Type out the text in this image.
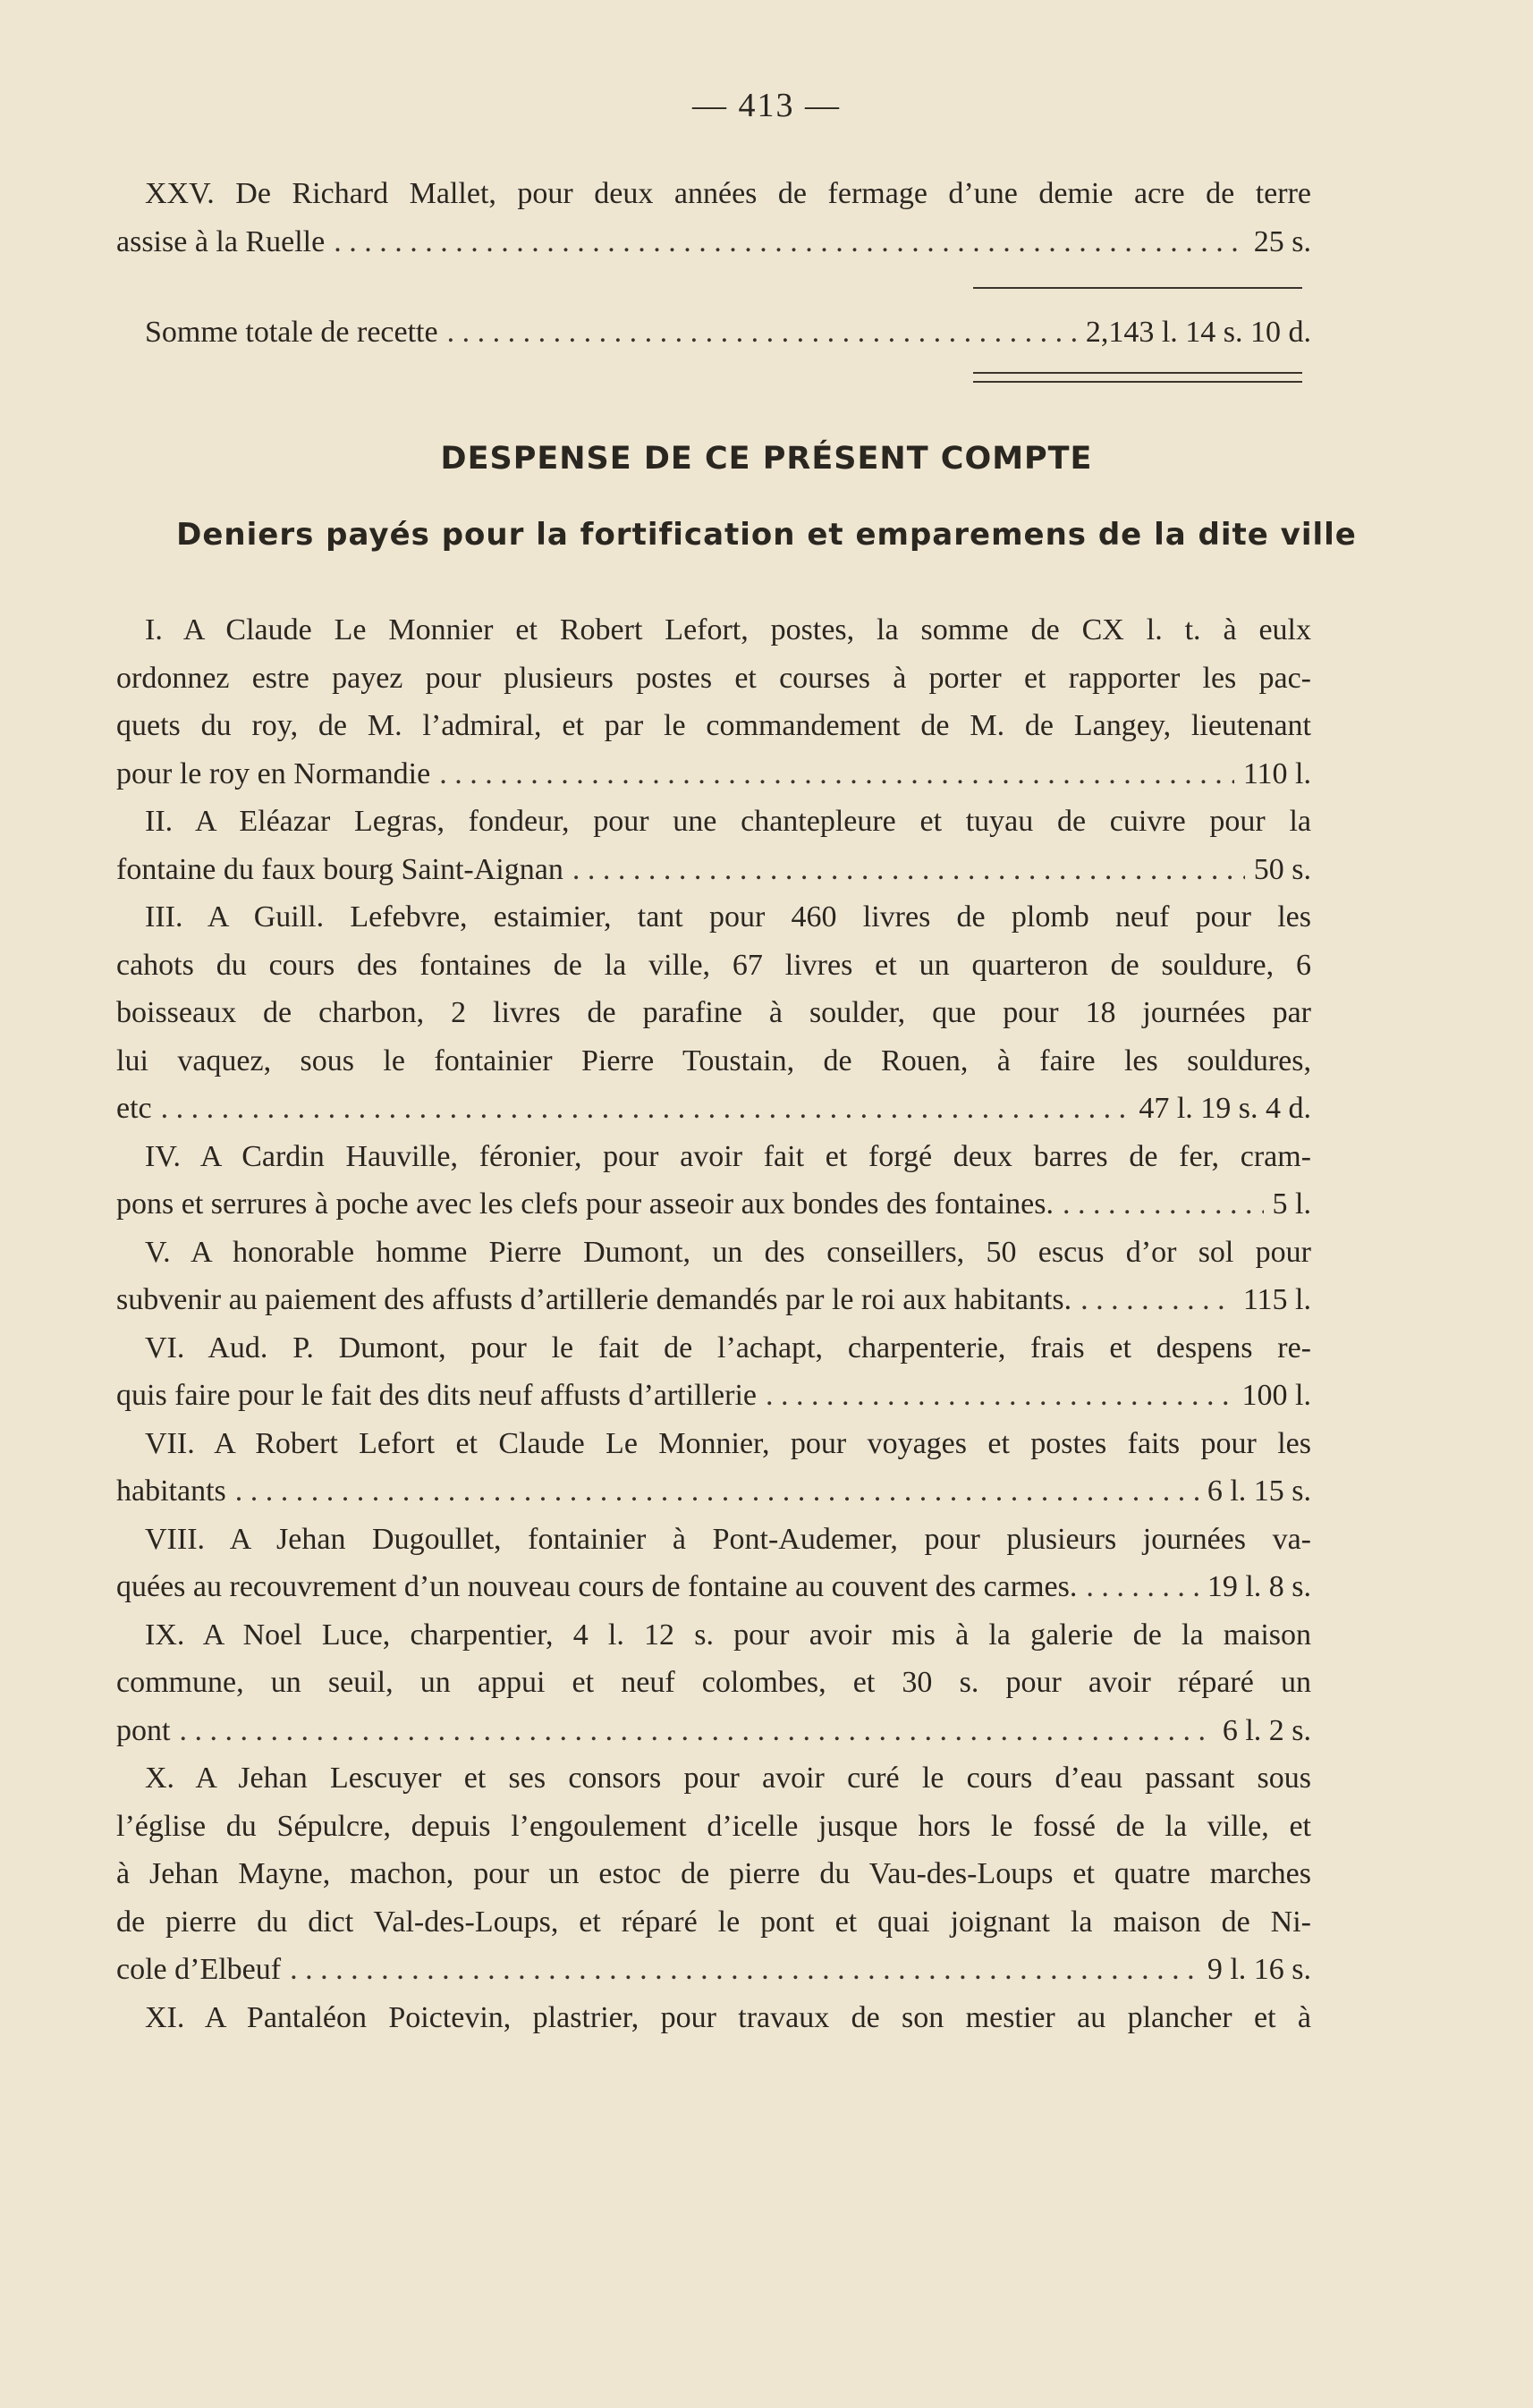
— 413 —
XXV. De Richard Mallet, pour deux années de fermage d’une demie acre de terre
assise à la Ruelle . . .	25 s.
Somme totale de recette . . .	2,143 l. 14 s. 10 d.
DESPENSE DE CE PRÉSENT COMPTE
Deniers payés pour la fortification et emparemens de la dite ville
I. A Claude Le Monnier et Robert Lefort, postes, la somme de CX l. t. à eulx
ordonnez estre payez pour plusieurs postes et courses à porter et rapporter les pac-
quets du roy, de M. l’admiral, et par le commandement de M. de Langey, lieutenant
pour le roy en Normandie . . .	110 l.
II. A Eléazar Legras, fondeur, pour une chantepleure et tuyau de cuivre pour la
fontaine du faux bourg Saint-Aignan . . .	50 s.
III. A Guill. Lefebvre, estaimier, tant pour 460 livres de plomb neuf pour les
cahots du cours des fontaines de la ville, 67 livres et un quarteron de souldure, 6
boisseaux de charbon, 2 livres de parafine à soulder, que pour 18 journées par
lui vaquez, sous le fontainier Pierre Toustain, de Rouen, à faire les souldures,
etc . . .	47 l. 19 s. 4 d.
IV. A Cardin Hauville, féronier, pour avoir fait et forgé deux barres de fer, cram-
pons et serrures à poche avec les clefs pour asseoir aux bondes des fontaines. . . .	5 l.
V. A honorable homme Pierre Dumont, un des conseillers, 50 escus d’or sol pour
subvenir au paiement des affusts d’artillerie demandés par le roi aux habitants. . . .	115 l.
VI. Aud. P. Dumont, pour le fait de l’achapt, charpenterie, frais et despens re-
quis faire pour le fait des dits neuf affusts d’artillerie . . .	100 l.
VII. A Robert Lefort et Claude Le Monnier, pour voyages et postes faits pour les
habitants . . .	6 l. 15 s.
VIII. A Jehan Dugoullet, fontainier à Pont-Audemer, pour plusieurs journées va-
quées au recouvrement d’un nouveau cours de fontaine au couvent des carmes. . . .	19 l. 8 s.
IX. A Noel Luce, charpentier, 4 l. 12 s. pour avoir mis à la galerie de la maison
commune, un seuil, un appui et neuf colombes, et 30 s. pour avoir réparé un
pont . . .	6 l. 2 s.
X. A Jehan Lescuyer et ses consors pour avoir curé le cours d’eau passant sous
l’église du Sépulcre, depuis l’engoulement d’icelle jusque hors le fossé de la ville, et
à Jehan Mayne, machon, pour un estoc de pierre du Vau-des-Loups et quatre marches
de pierre du dict Val-des-Loups, et réparé le pont et quai joignant la maison de Ni-
cole d’Elbeuf . . .	9 l. 16 s.
XI. A Pantaléon Poictevin, plastrier, pour travaux de son mestier au plancher et à
